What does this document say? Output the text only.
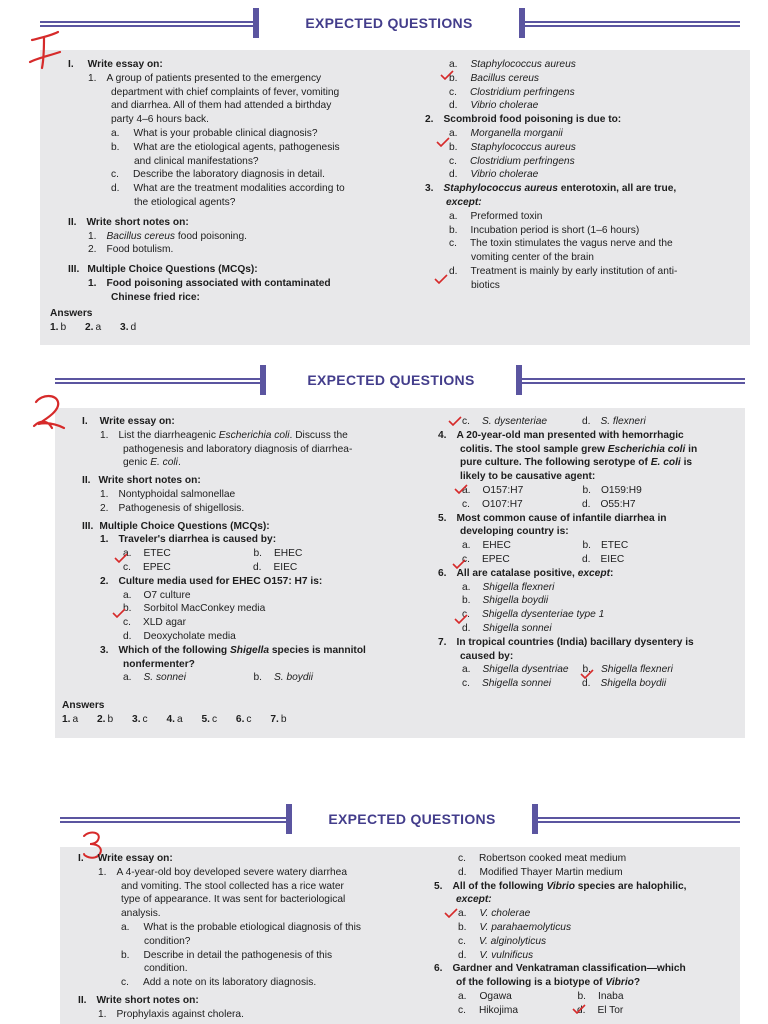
EXPECTED QUESTIONS
I. Write essay on:
1. A group of patients presented to the emergency
department with chief complaints of fever, vomiting
and diarrhea. All of them had attended a birthday
party 4–6 hours back.
a. What is your probable clinical diagnosis?
b. What are the etiological agents, pathogenesis
and clinical manifestations?
c. Describe the laboratory diagnosis in detail.
d. What are the treatment modalities according to
the etiological agents?
II. Write short notes on:
1. Bacillus cereus food poisoning.
2. Food botulism.
III. Multiple Choice Questions (MCQs):
1. Food poisoning associated with contaminated
Chinese fried rice:
a. Staphylococcus aureus
b. Bacillus cereus
c. Clostridium perfringens
d. Vibrio cholerae
2. Scombroid food poisoning is due to:
a. Morganella morganii
b. Staphylococcus aureus
c. Clostridium perfringens
d. Vibrio cholerae
3. Staphylococcus aureus enterotoxin, all are true,
except:
a. Preformed toxin
b. Incubation period is short (1–6 hours)
c. The toxin stimulates the vagus nerve and the
vomiting center of the brain
d. Treatment is mainly by early institution of anti-
biotics
Answers
1. b 2. a 3. d
EXPECTED QUESTIONS
I. Write essay on:
1. List the diarrheagenic Escherichia coli. Discuss the
pathogenesis and laboratory diagnosis of diarrhea-
genic E. coli.
II. Write short notes on:
1. Nontyphoidal salmonellae
2. Pathogenesis of shigellosis.
III. Multiple Choice Questions (MCQs):
1. Traveler's diarrhea is caused by:
a. ETEC	b. EHEC
c. EPEC	d. EIEC
2. Culture media used for EHEC O157: H7 is:
a. O7 culture
b. Sorbitol MacConkey media
c. XLD agar
d. Deoxycholate media
3. Which of the following Shigella species is mannitol
nonfermenter?
a. S. sonnei	b. S. boydii
c. S. dysenteriae	d. S. flexneri
4. A 20-year-old man presented with hemorrhagic
colitis. The stool sample grew Escherichia coli in
pure culture. The following serotype of E. coli is
likely to be causative agent:
a. O157:H7	b. O159:H9
c. O107:H7	d. O55:H7
5. Most common cause of infantile diarrhea in
developing country is:
a. EHEC	b. ETEC
c. EPEC	d. EIEC
6. All are catalase positive, except:
a. Shigella flexneri
b. Shigella boydii
c. Shigella dysenteriae type 1
d. Shigella sonnei
7. In tropical countries (India) bacillary dysentery is
caused by:
a. Shigella dysentriae b. Shigella flexneri
c. Shigella sonnei	d. Shigella boydii
Answers
1. a 2. b 3. c 4. a 5. c 6. c 7. b
EXPECTED QUESTIONS
I. Write essay on:
1. A 4-year-old boy developed severe watery diarrhea
and vomiting. The stool collected has a rice water
type of appearance. It was sent for bacteriological
analysis.
a. What is the probable etiological diagnosis of this
condition?
b. Describe in detail the pathogenesis of this
condition.
c. Add a note on its laboratory diagnosis.
II. Write short notes on:
1. Prophylaxis against cholera.
c. Robertson cooked meat medium
d. Modified Thayer Martin medium
5. All of the following Vibrio species are halophilic,
except:
a. V. cholerae
b. V. parahaemolyticus
c. V. alginolyticus
d. V. vulnificus
6. Gardner and Venkatraman classification—which
of the following is a biotype of Vibrio?
a. Ogawa	b. Inaba
c. Hikojima	d. El Tor
